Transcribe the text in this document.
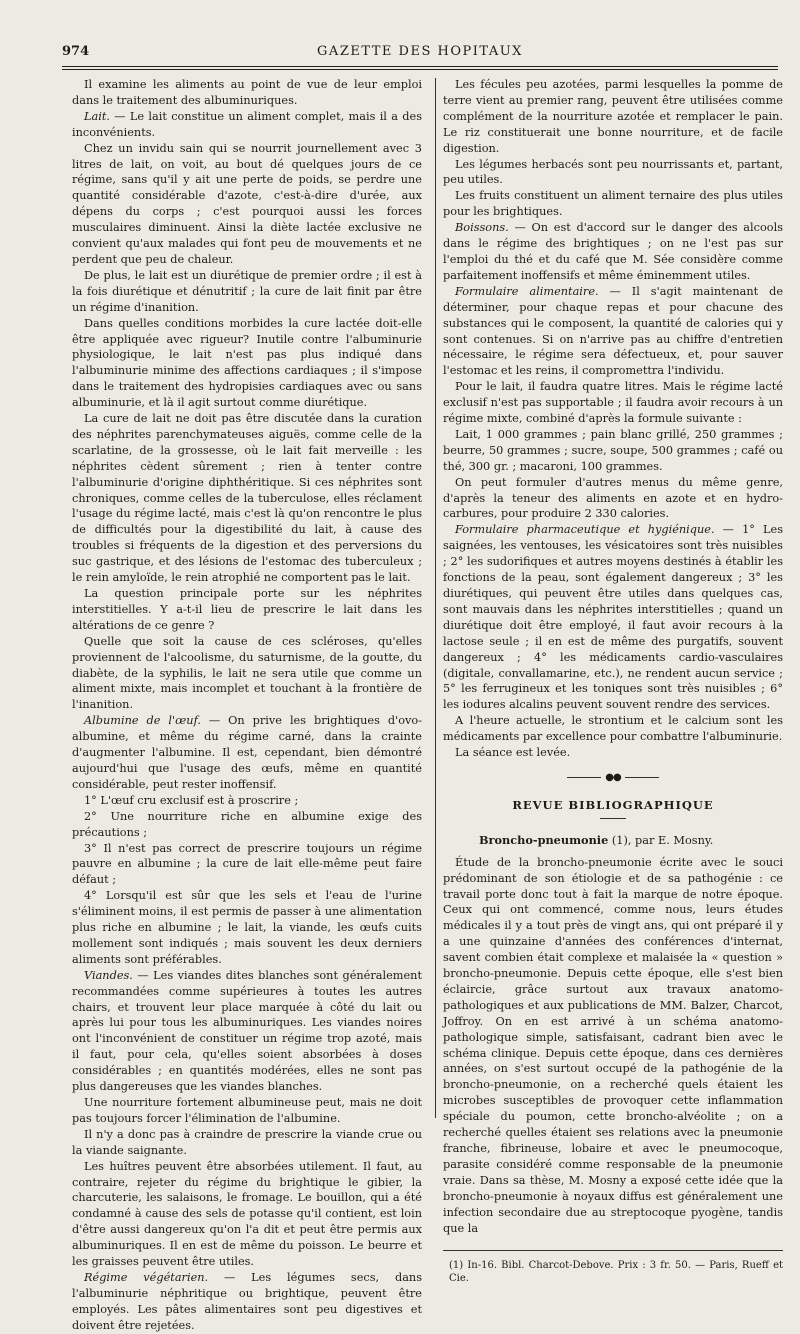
974	GAZETTE DES HOPITAUX

Il examine les aliments au point de vue de leur emploi dans le traitement des albuminuriques.

Lait. — Le lait constitue un aliment complet, mais il a des inconvénients.

Chez un invidu sain qui se nourrit journellement avec 3 litres de lait, on voit, au bout dé quelques jours de ce régime, sans qu'il y ait une perte de poids, se perdre une quantité considérable d'azote, c'est-à-dire d'urée, aux dépens du corps ; c'est pourquoi aussi les forces musculaires diminuent. Ainsi la diète lactée exclusive ne convient qu'aux malades qui font peu de mouvements et ne perdent que peu de chaleur.

De plus, le lait est un diurétique de premier ordre ; il est à la fois diurétique et dénutritif ; la cure de lait finit par être un régime d'inanition.

Dans quelles conditions morbides la cure lactée doit-elle être appliquée avec rigueur? Inutile contre l'albuminurie physiologique, le lait n'est pas plus indiqué dans l'albuminurie minime des affections cardiaques ; il s'impose dans le traitement des hydropisies cardiaques avec ou sans albuminurie, et là il agit surtout comme diurétique.

La cure de lait ne doit pas être discutée dans la curation des néphrites parenchymateuses aiguës, comme celle de la scarlatine, de la grossesse, où le lait fait merveille : les néphrites cèdent sûrement ; rien à tenter contre l'albuminurie d'origine diphthéritique. Si ces néphrites sont chroniques, comme celles de la tuberculose, elles réclament l'usage du régime lacté, mais c'est là qu'on rencontre le plus de difficultés pour la digestibilité du lait, à cause des troubles si fréquents de la digestion et des perversions du suc gastrique, et des lésions de l'estomac des tuberculeux ; le rein amyloïde, le rein atrophié ne comportent pas le lait.

La question principale porte sur les néphrites interstitielles. Y a-t-il lieu de prescrire le lait dans les altérations de ce genre ?

Quelle que soit la cause de ces scléroses, qu'elles proviennent de l'alcoolisme, du saturnisme, de la goutte, du diabète, de la syphilis, le lait ne sera utile que comme un aliment mixte, mais incomplet et touchant à la frontière de l'inanition.

Albumine de l'œuf. — On prive les brightiques d'ovo-albumine, et même du régime carné, dans la crainte d'augmenter l'albumine. Il est, cependant, bien démontré aujourd'hui que l'usage des œufs, même en quantité considérable, peut rester inoffensif.

1° L'œuf cru exclusif est à proscrire ;

2° Une nourriture riche en albumine exige des précautions ;

3° Il n'est pas correct de prescrire toujours un régime pauvre en albumine ; la cure de lait elle-même peut faire défaut ;

4° Lorsqu'il est sûr que les sels et l'eau de l'urine s'éliminent moins, il est permis de passer à une alimentation plus riche en albumine ; le lait, la viande, les œufs cuits mollement sont indiqués ; mais souvent les deux derniers aliments sont préférables.

Viandes. — Les viandes dites blanches sont généralement recommandées comme supérieures à toutes les autres chairs, et trouvent leur place marquée à côté du lait ou après lui pour tous les albuminuriques. Les viandes noires ont l'inconvénient de constituer un régime trop azoté, mais il faut, pour cela, qu'elles soient absorbées à doses considérables ; en quantités modérées, elles ne sont pas plus dangereuses que les viandes blanches.

Une nourriture fortement albumineuse peut, mais ne doit pas toujours forcer l'élimination de l'albumine.

Il n'y a donc pas à craindre de prescrire la viande crue ou la viande saignante.

Les huîtres peuvent être absorbées utilement. Il faut, au contraire, rejeter du régime du brightique le gibier, la charcuterie, les salaisons, le fromage. Le bouillon, qui a été condamné à cause des sels de potasse qu'il contient, est loin d'être aussi dangereux qu'on l'a dit et peut être permis aux albuminuriques. Il en est de même du poisson. Le beurre et les graisses peuvent être utiles.

Régime végétarien. — Les légumes secs, dans l'albuminurie néphritique ou brightique, peuvent être employés. Les pâtes alimentaires sont peu digestives et doivent être rejetées.

Les fécules peu azotées, parmi lesquelles la pomme de terre vient au premier rang, peuvent être utilisées comme complément de la nourriture azotée et remplacer le pain. Le riz constituerait une bonne nourriture, et de facile digestion.

Les légumes herbacés sont peu nourrissants et, partant, peu utiles.

Les fruits constituent un aliment ternaire des plus utiles pour les brightiques.

Boissons. — On est d'accord sur le danger des alcools dans le régime des brightiques ; on ne l'est pas sur l'emploi du thé et du café que M. Sée considère comme parfaitement inoffensifs et même éminemment utiles.

Formulaire alimentaire. — Il s'agit maintenant de déterminer, pour chaque repas et pour chacune des substances qui le composent, la quantité de calories qui y sont contenues. Si on n'arrive pas au chiffre d'entretien nécessaire, le régime sera défectueux, et, pour sauver l'estomac et les reins, il compromettra l'individu.

Pour le lait, il faudra quatre litres. Mais le régime lacté exclusif n'est pas supportable ; il faudra avoir recours à un régime mixte, combiné d'après la formule suivante :

Lait, 1 000 grammes ; pain blanc grillé, 250 grammes ; beurre, 50 grammes ; sucre, soupe, 500 grammes ; café ou thé, 300 gr. ; macaroni, 100 grammes.

On peut formuler d'autres menus du même genre, d'après la teneur des aliments en azote et en hydro-carbures, pour produire 2 330 calories.

Formulaire pharmaceutique et hygiénique. — 1° Les saignées, les ventouses, les vésicatoires sont très nuisibles ; 2° les sudorifiques et autres moyens destinés à établir les fonctions de la peau, sont également dangereux ; 3° les diurétiques, qui peuvent être utiles dans quelques cas, sont mauvais dans les néphrites interstitielles ; quand un diurétique doit être employé, il faut avoir recours à la lactose seule ; il en est de même des purgatifs, souvent dangereux ; 4° les médicaments cardio-vasculaires (digitale, convallamarine, etc.), ne rendent aucun service ; 5° les ferrugineux et les toniques sont très nuisibles ; 6° les iodures alcalins peuvent souvent rendre des services.

A l'heure actuelle, le strontium et le calcium sont les médicaments par excellence pour combattre l'albuminurie.

La séance est levée.

●●
REVUE BIBLIOGRAPHIQUE

Broncho-pneumonie (1), par E. Mosny.

Étude de la broncho-pneumonie écrite avec le souci prédominant de son étiologie et de sa pathogénie : ce travail porte donc tout à fait la marque de notre époque. Ceux qui ont commencé, comme nous, leurs études médicales il y a tout près de vingt ans, qui ont préparé il y a une quinzaine d'années des conférences d'internat, savent combien était complexe et malaisée la « question » broncho-pneumonie. Depuis cette époque, elle s'est bien éclaircie, grâce surtout aux travaux anatomo-pathologiques et aux publications de MM. Balzer, Charcot, Joffroy. On en est arrivé à un schéma anatomo-pathologique simple, satisfaisant, cadrant bien avec le schéma clinique. Depuis cette époque, dans ces dernières années, on s'est surtout occupé de la pathogénie de la broncho-pneumonie, on a recherché quels étaient les microbes susceptibles de provoquer cette inflammation spéciale du poumon, cette broncho-alvéolite ; on a recherché quelles étaient ses relations avec la pneumonie franche, fibrineuse, lobaire et avec le pneumocoque, parasite considéré comme responsable de la pneumonie vraie. Dans sa thèse, M. Mosny a exposé cette idée que la broncho-pneumonie à noyaux diffus est généralement une infection secondaire due au streptocoque pyogène, tandis que la

(1) In-16. Bibl. Charcot-Debove. Prix : 3 fr. 50. — Paris, Rueff et Cie.
